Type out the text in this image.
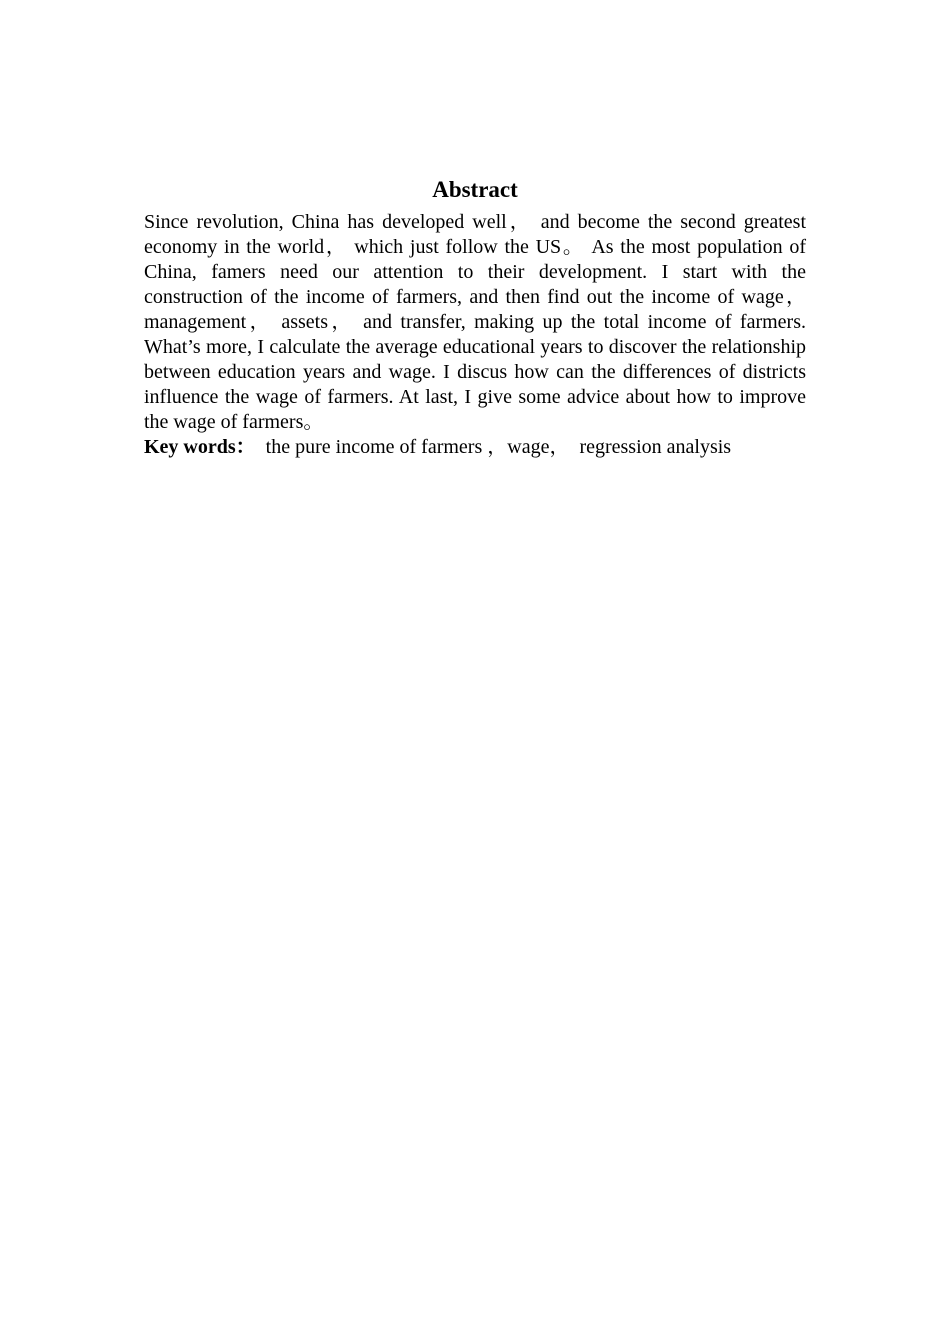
Abstract

Since revolution, China has developed well， and become the second greatest economy in the world， which just follow the US。 As the most population of China, famers need our attention to their development. I start with the construction of the income of farmers, and then find out the income of wage， management， assets， and transfer, making up the total income of farmers. What’s more, I calculate the average educational years to discover the relationship between education years and wage. I discus how can the differences of districts influence the wage of farmers. At last, I give some advice about how to improve the wage of farmers。

Key words：  the pure income of farmers ，wage，  regression analysis
